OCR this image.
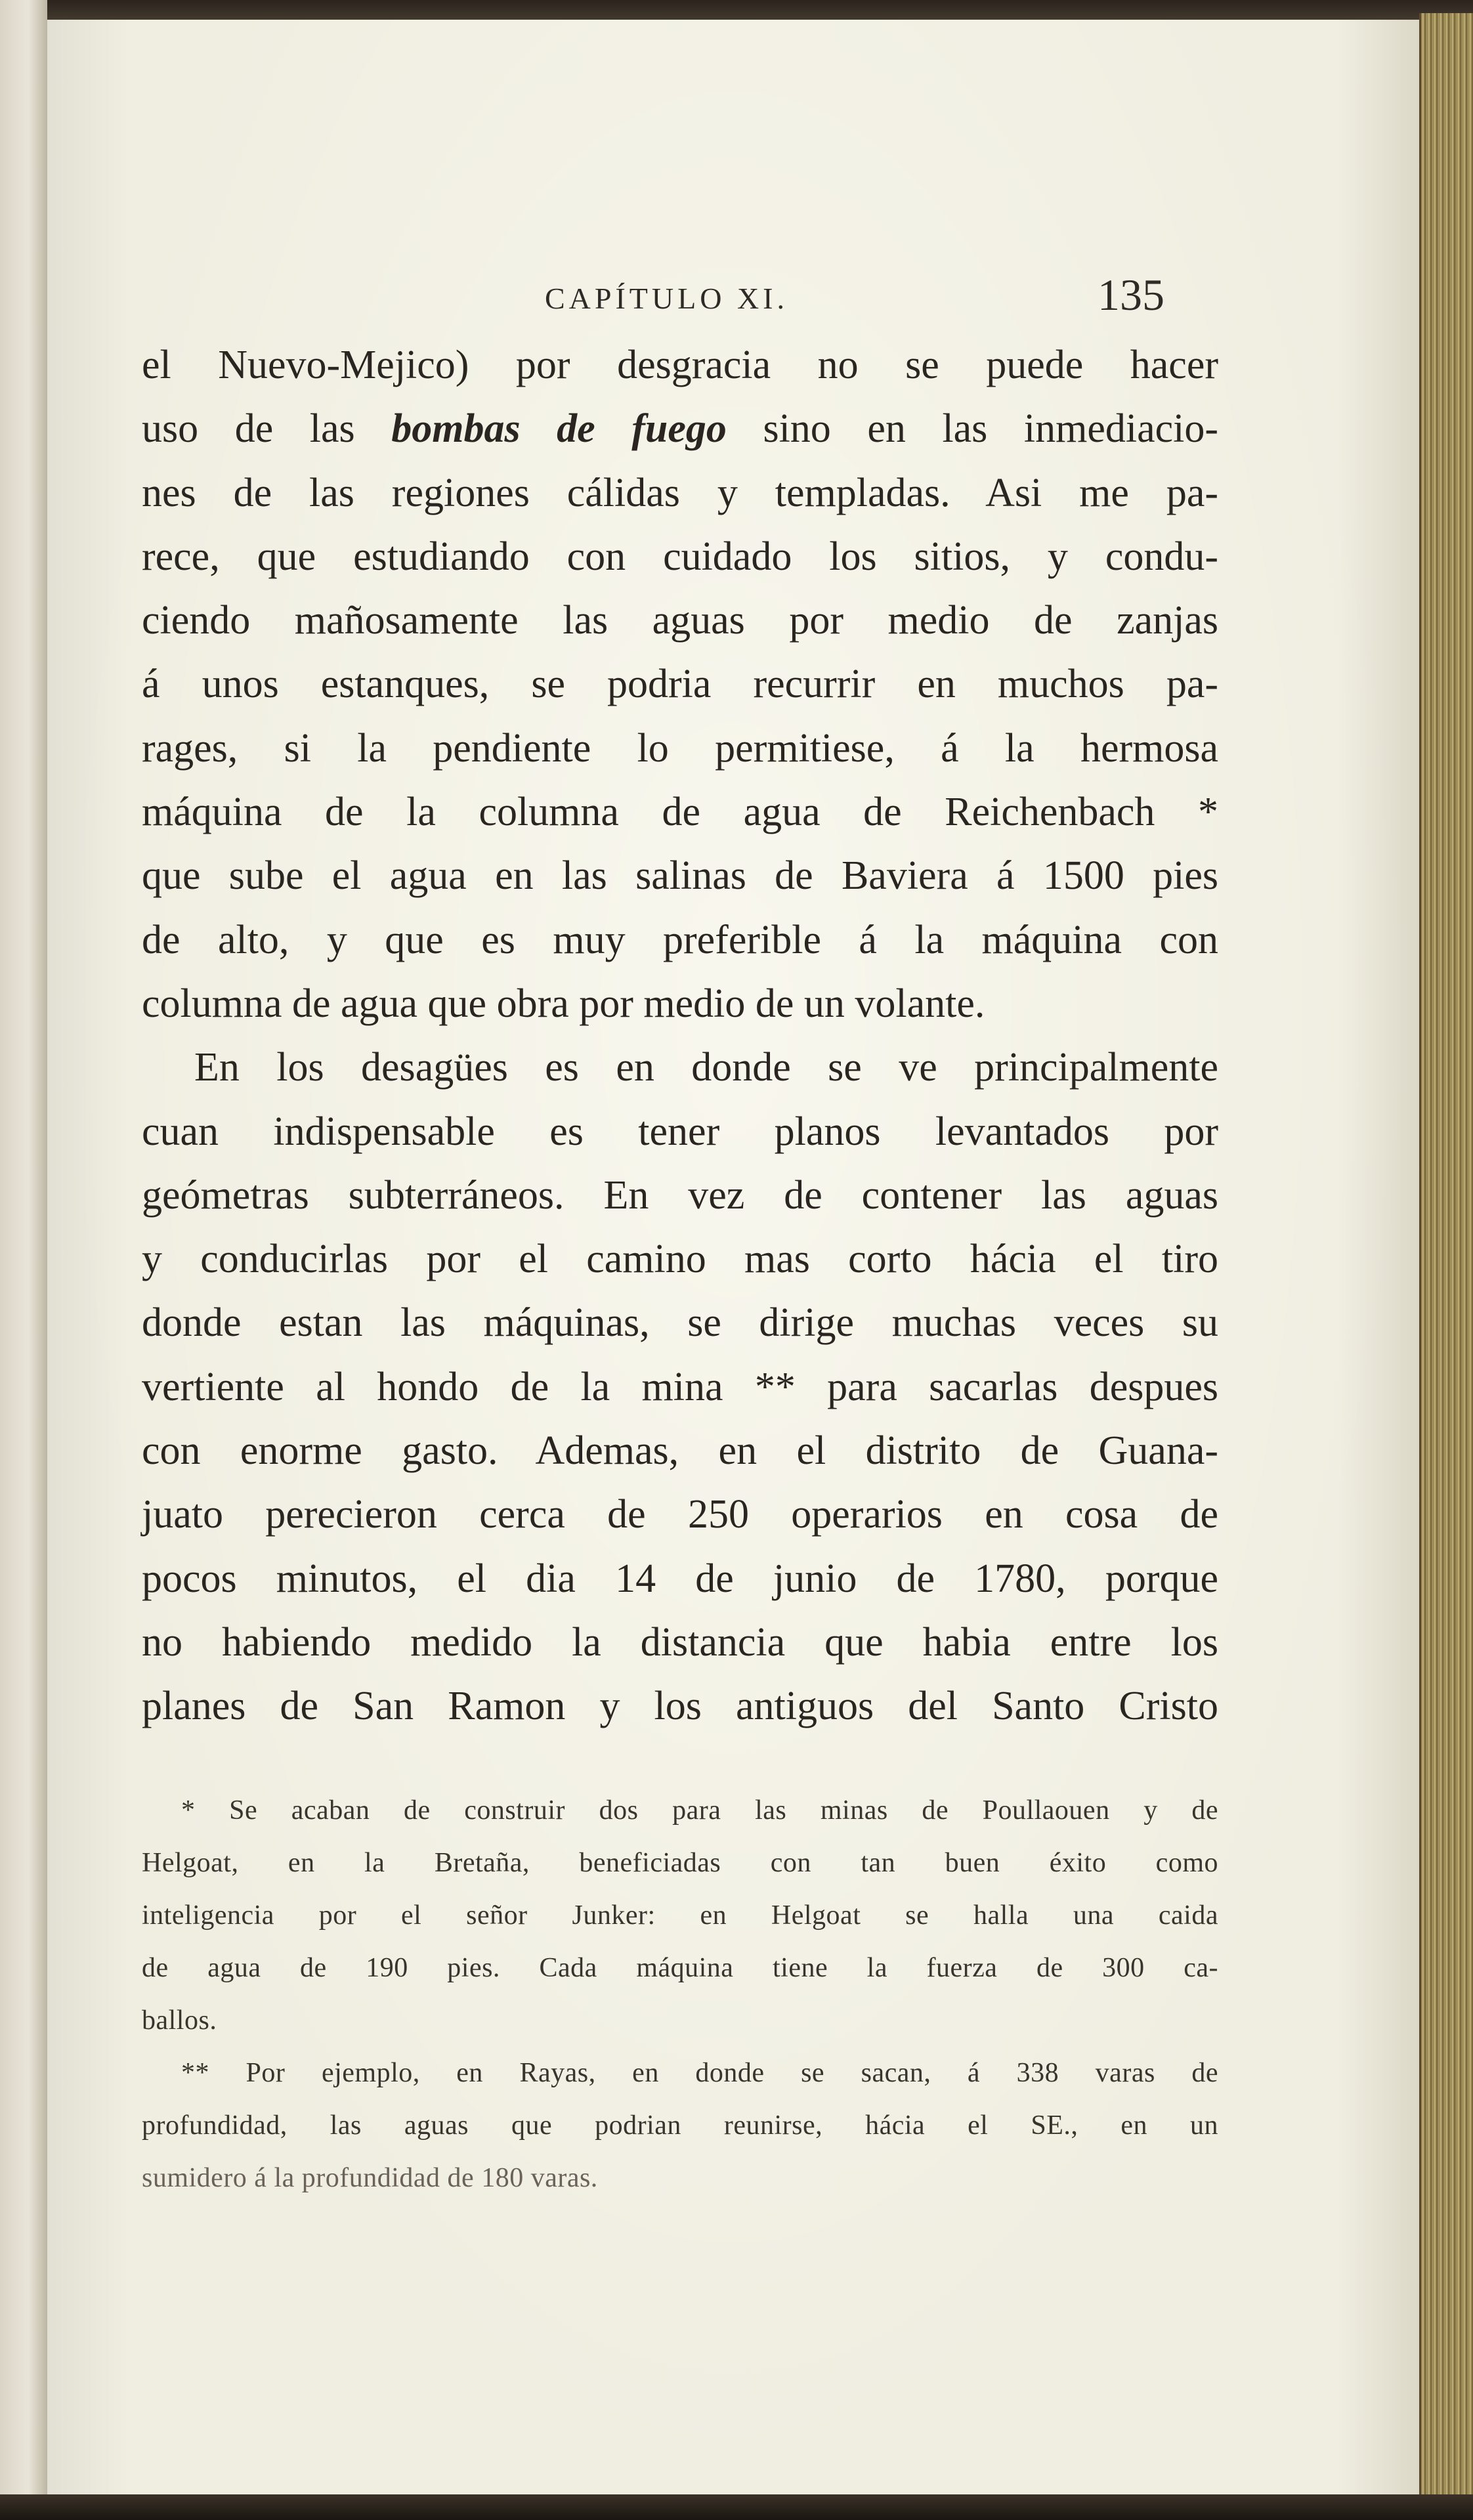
CAPÍTULO XI.	135
el Nuevo-Mejico) por desgracia no se puede hacer
uso de las bombas de fuego sino en las inmediacio-
nes de las regiones cálidas y templadas. Asi me pa-
rece, que estudiando con cuidado los sitios, y condu-
ciendo mañosamente las aguas por medio de zanjas
á unos estanques, se podria recurrir en muchos pa-
rages, si la pendiente lo permitiese, á la hermosa
máquina de la columna de agua de Reichenbach *
que sube el agua en las salinas de Baviera á 1500 pies
de alto, y que es muy preferible á la máquina con
columna de agua que obra por medio de un volante.
En los desagües es en donde se ve principalmente
cuan indispensable es tener planos levantados por
geómetras subterráneos. En vez de contener las aguas
y conducirlas por el camino mas corto hácia el tiro
donde estan las máquinas, se dirige muchas veces su
vertiente al hondo de la mina ** para sacarlas despues
con enorme gasto. Ademas, en el distrito de Guana-
juato perecieron cerca de 250 operarios en cosa de
pocos minutos, el dia 14 de junio de 1780, porque
no habiendo medido la distancia que habia entre los
planes de San Ramon y los antiguos del Santo Cristo
* Se acaban de construir dos para las minas de Poullaouen y de
Helgoat, en la Bretaña, beneficiadas con tan buen éxito como
inteligencia por el señor Junker: en Helgoat se halla una caida
de agua de 190 pies. Cada máquina tiene la fuerza de 300 ca-
ballos.
** Por ejemplo, en Rayas, en donde se sacan, á 338 varas de
profundidad, las aguas que podrian reunirse, hácia el SE., en un
sumidero á la profundidad de 180 varas.
